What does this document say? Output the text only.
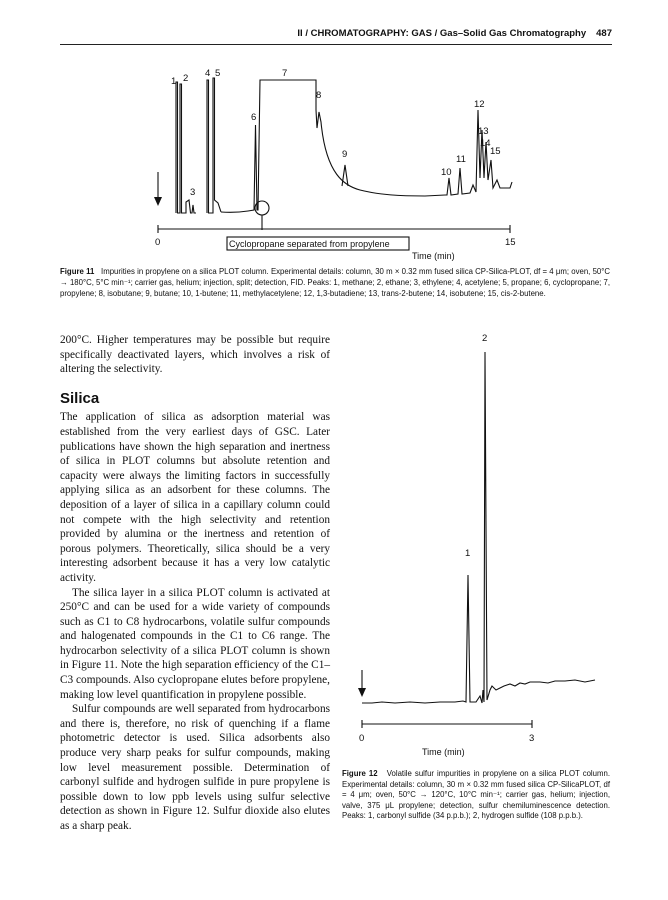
II / CHROMATOGRAPHY: GAS / Gas–Solid Gas Chromatography 487
1 2
3
4 5
6
7
8
9
10
11
12
13
14
15
0	15
Cyclopropane separated from propylene
Time (min)
Figure 11 Impurities in propylene on a silica PLOT column. Experimental details: column, 30 m × 0.32 mm fused silica CP-Silica-PLOT, df = 4 μm; oven, 50°C → 180°C, 5°C min⁻¹; carrier gas, helium; injection, split; detection, FID. Peaks: 1, methane; 2, ethane; 3, ethylene; 4, acetylene; 5, propane; 6, cyclopropane; 7, propylene; 8, isobutane; 9, butane; 10, 1-butene; 11, methylacetylene; 12, 1,3-butadiene; 13, trans-2-butene; 14, isobutene; 15, cis-2-butene.

200°C. Higher temperatures may be possible but require specifically deactivated layers, which involves a risk of altering the selectivity.

Silica

The application of silica as adsorption material was established from the very earliest days of GSC. Later publications have shown the high separation and inertness of silica in PLOT columns but absolute retention and capacity were always the limiting factors in successfully applying silica as an adsorbent for these columns. The deposition of a layer of silica in a capillary column could not compete with the high selectivity and retention provided by alumina or the inertness and retention of porous polymers. Theoretically, silica should be a very interesting adsorbent because it has a very low catalytic activity.

The silica layer in a silica PLOT column is activated at 250°C and can be used for a wide variety of compounds such as C1 to C8 hydrocarbons, volatile sulfur compounds and halogenated compounds in the C1 to C6 range. The hydrocarbon selectivity of a silica PLOT column is shown in Figure 11. Note the high separation efficiency of the C1–C3 compounds. Also cyclopropane elutes before propylene, making low level quantification in propylene possible.

Sulfur compounds are well separated from hydrocarbons and there is, therefore, no risk of quenching if a flame photometric detector is used. Silica adsorbents also produce very sharp peaks for sulfur compounds, making low level measurement possible. Determination of carbonyl sulfide and hydrogen sulfide in pure propylene is possible down to low ppb levels using sulfur selective detection as shown in Figure 12. Sulfur dioxide also elutes as a sharp peak.

1
2
0	3
Time (min)
Figure 12 Volatile sulfur impurities in propylene on a silica PLOT column. Experimental details: column, 30 m × 0.32 mm fused silica CP-SilicaPLOT, df = 4 μm; oven, 50°C → 120°C, 10°C min⁻¹; carrier gas, helium; injection, valve, 375 μL propylene; detection, sulfur chemiluminescence detection. Peaks: 1, carbonyl sulfide (34 p.p.b.); 2, hydrogen sulfide (108 p.p.b.).
